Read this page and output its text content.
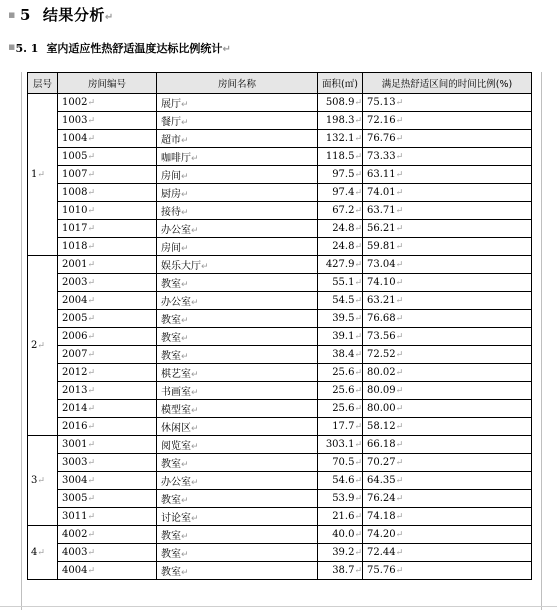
▪ 5 结果分析↵
▪5. 1 室内适应性热舒适温度达标比例统计↵
层号	房间编号	房间名称	面积(㎡)	满足热舒适区间的时间比例(%)
1↵	1002↵	展厅↵	508.9↵	75.13↵
	1003↵	餐厅↵	198.3↵	72.16↵
	1004↵	超市↵	132.1↵	76.76↵
	1005↵	咖啡厅↵	118.5↵	73.33↵
	1007↵	房间↵	97.5↵	63.11↵
	1008↵	厨房↵	97.4↵	74.01↵
	1010↵	接待↵	67.2↵	63.71↵
	1017↵	办公室↵	24.8↵	56.21↵
	1018↵	房间↵	24.8↵	59.81↵
2↵	2001↵	娱乐大厅↵	427.9↵	73.04↵
	2003↵	教室↵	55.1↵	74.10↵
	2004↵	办公室↵	54.5↵	63.21↵
	2005↵	教室↵	39.5↵	76.68↵
	2006↵	教室↵	39.1↵	73.56↵
	2007↵	教室↵	38.4↵	72.52↵
	2012↵	棋艺室↵	25.6↵	80.02↵
	2013↵	书画室↵	25.6↵	80.09↵
	2014↵	模型室↵	25.6↵	80.00↵
	2016↵	休闲区↵	17.7↵	58.12↵
3↵	3001↵	阅览室↵	303.1↵	66.18↵
	3003↵	教室↵	70.5↵	70.27↵
	3004↵	办公室↵	54.6↵	64.35↵
	3005↵	教室↵	53.9↵	76.24↵
	3011↵	讨论室↵	21.6↵	74.18↵
4↵	4002↵	教室↵	40.0↵	74.20↵
	4003↵	教室↵	39.2↵	72.44↵
	4004↵	教室↵	38.7↵	75.76↵
